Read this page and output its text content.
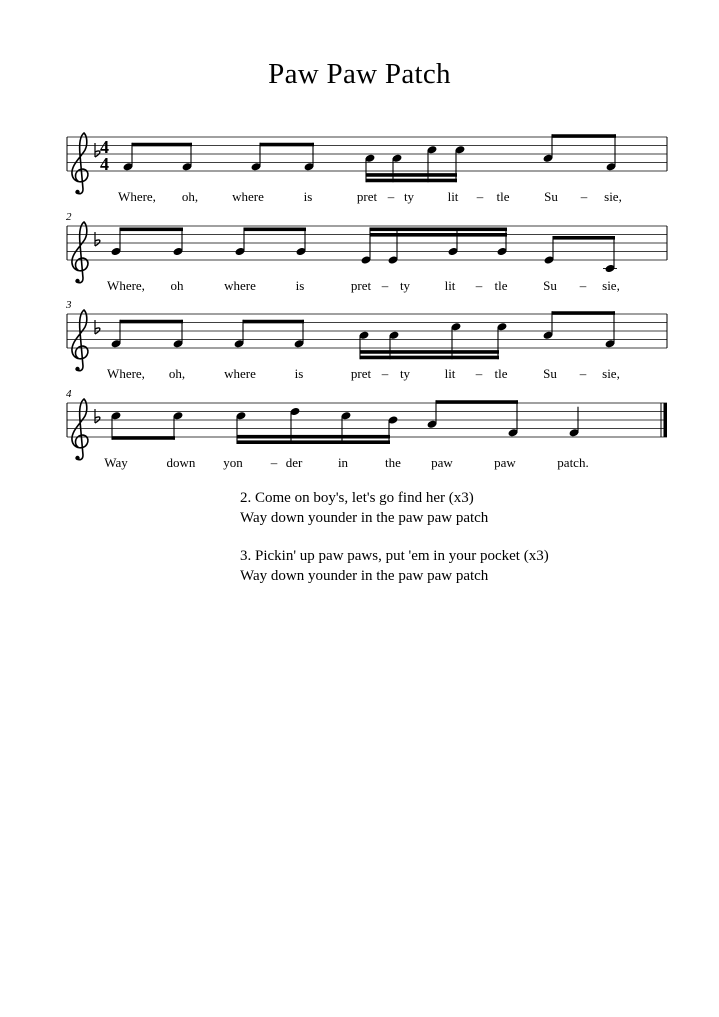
Paw Paw Patch
4
4
Where, oh,	where	is	pret – ty	lit – tle	Su – sie,
2
Where, oh	where	is	pret – ty	lit – tle	Su – sie,
3
Where, oh,	where	is	pret – ty	lit – tle	Su – sie,
4
Way	down yon – der	in	the paw	paw	patch.
2. Come on boy's, let's go find her (x3)
Way down younder in the paw paw patch
3. Pickin' up paw paws, put 'em in your pocket (x3)
Way down younder in the paw paw patch
